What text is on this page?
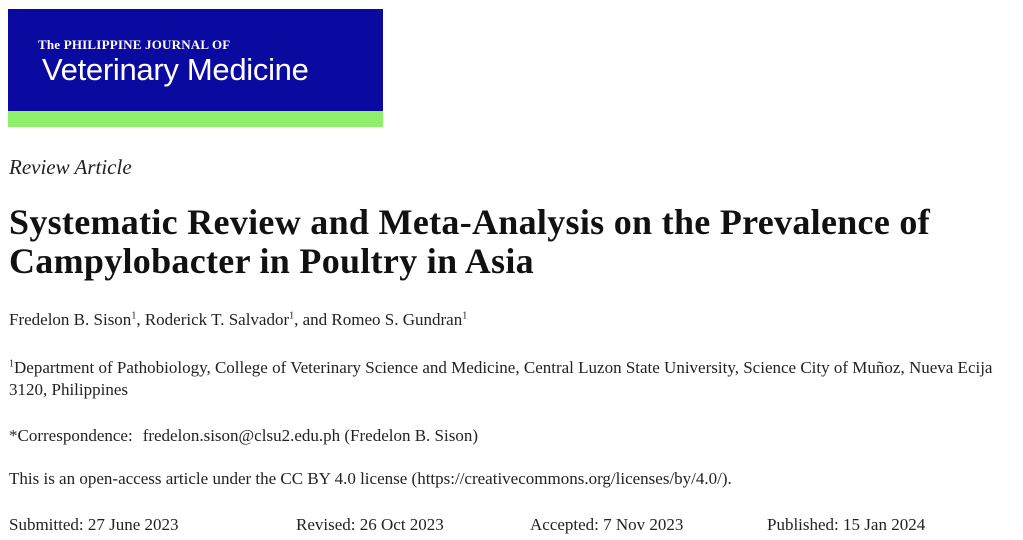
The PHILIPPINE JOURNAL OF
Veterinary Medicine
Review Article
Systematic Review and Meta-Analysis on the Prevalence of Campylobacter in Poultry in Asia
Fredelon B. Sison$^1$, Roderick T. Salvador$^1$, and Romeo S. Gundran$^1$
$^1$Department of Pathobiology, College of Veterinary Science and Medicine, Central Luzon State University, Science City of Muñoz, Nueva Ecija 3120, Philippines
*Correspondence: fredelon.sison@clsu2.edu.ph (Fredelon B. Sison)
This is an open-access article under the CC BY 4.0 license (https://creativecommons.org/licenses/by/4.0/).
Submitted: 27 June 2023	Revised: 26 Oct 2023	Accepted: 7 Nov 2023	Published: 15 Jan 2024
